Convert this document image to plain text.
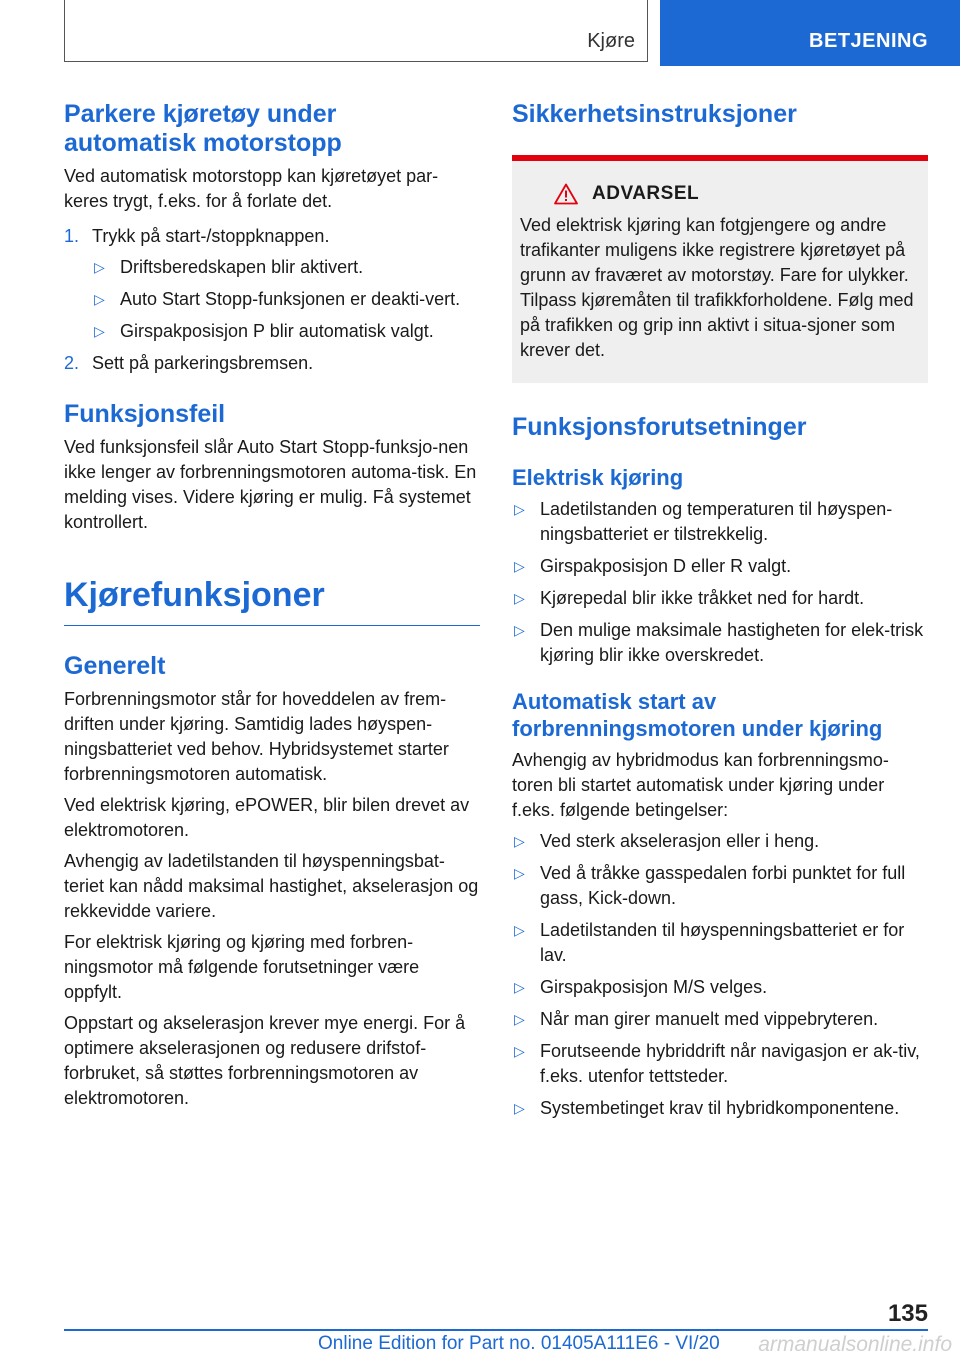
Kjøre	BETJENING
Parkere kjøretøy under automatisk motorstopp

Ved automatisk motorstopp kan kjøretøyet par-keres trygt, f.eks. for å forlate det.

1. Trykk på start-/stoppknappen.
▷ Driftsberedskapen blir aktivert.
▷ Auto Start Stopp-funksjonen er deakti-vert.
▷ Girspakposisjon P blir automatisk valgt.
2. Sett på parkeringsbremsen.
Funksjonsfeil

Ved funksjonsfeil slår Auto Start Stopp-funksjo-nen ikke lenger av forbrenningsmotoren automa-tisk. En melding vises. Videre kjøring er mulig. Få systemet kontrollert.

Kjørefunksjoner
Generelt

Forbrenningsmotor står for hoveddelen av frem-driften under kjøring. Samtidig lades høyspen-ningsbatteriet ved behov. Hybridsystemet starter forbrenningsmotoren automatisk.

Ved elektrisk kjøring, ePOWER, blir bilen drevet av elektromotoren.

Avhengig av ladetilstanden til høyspenningsbat-teriet kan nådd maksimal hastighet, akselerasjon og rekkevidde variere.

For elektrisk kjøring og kjøring med forbren-ningsmotor må følgende forutsetninger være oppfylt.

Oppstart og akselerasjon krever mye energi. For å optimere akselerasjonen og redusere drifstof-forbruket, så støttes forbrenningsmotoren av elektromotoren.

Sikkerhetsinstruksjoner
ADVARSEL

Ved elektrisk kjøring kan fotgjengere og andre trafikanter muligens ikke registrere kjøretøyet på grunn av fraværet av motorstøy. Fare for ulykker. Tilpass kjøremåten til trafikkforholdene. Følg med på trafikken og grip inn aktivt i situa-sjoner som krever det.

Funksjonsforutsetninger
Elektrisk kjøring
▷ Ladetilstanden og temperaturen til høyspen-ningsbatteriet er tilstrekkelig.
▷ Girspakposisjon D eller R valgt.
▷ Kjørepedal blir ikke tråkket ned for hardt.
▷ Den mulige maksimale hastigheten for elek-trisk kjøring blir ikke overskredet.
Automatisk start av forbrenningsmotoren under kjøring

Avhengig av hybridmodus kan forbrenningsmo-toren bli startet automatisk under kjøring under f.eks. følgende betingelser:

▷ Ved sterk akselerasjon eller i heng.
▷ Ved å tråkke gasspedalen forbi punktet for full gass, Kick-down.
▷ Ladetilstanden til høyspenningsbatteriet er for lav.
▷ Girspakposisjon M/S velges.
▷ Når man girer manuelt med vippebryteren.
▷ Forutseende hybriddrift når navigasjon er ak-tiv, f.eks. utenfor tettsteder.
▷ Systembetinget krav til hybridkomponentene.
135
Online Edition for Part no. 01405A111E6 - VI/20 armanualsonline.info
